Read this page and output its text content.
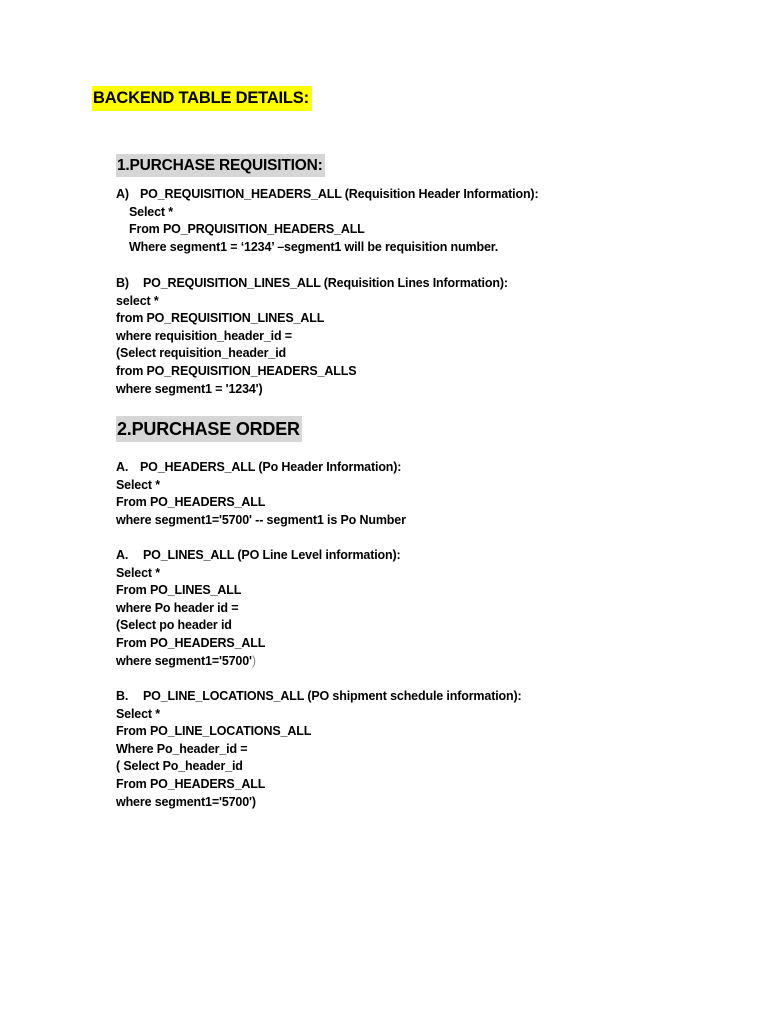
BACKEND TABLE DETAILS:
1.PURCHASE REQUISITION:
A) PO_REQUISITION_HEADERS_ALL (Requisition Header Information):
Select *
From PO_PRQUISITION_HEADERS_ALL
Where segment1 = ‘1234’ –segment1 will be requisition number.
B) PO_REQUISITION_LINES_ALL (Requisition Lines Information):
select *
from PO_REQUISITION_LINES_ALL
where requisition_header_id =
(Select requisition_header_id
from PO_REQUISITION_HEADERS_ALLS
where segment1 = '1234')
2.PURCHASE ORDER
A. PO_HEADERS_ALL (Po Header Information):
Select *
From PO_HEADERS_ALL
where segment1='5700' -- segment1 is Po Number
A. PO_LINES_ALL (PO Line Level information):
Select *
From PO_LINES_ALL
where Po header id =
(Select po header id
From PO_HEADERS_ALL
where segment1='5700')
B. PO_LINE_LOCATIONS_ALL (PO shipment schedule information):
Select *
From PO_LINE_LOCATIONS_ALL
Where Po_header_id =
( Select Po_header_id
From PO_HEADERS_ALL
where segment1='5700')
